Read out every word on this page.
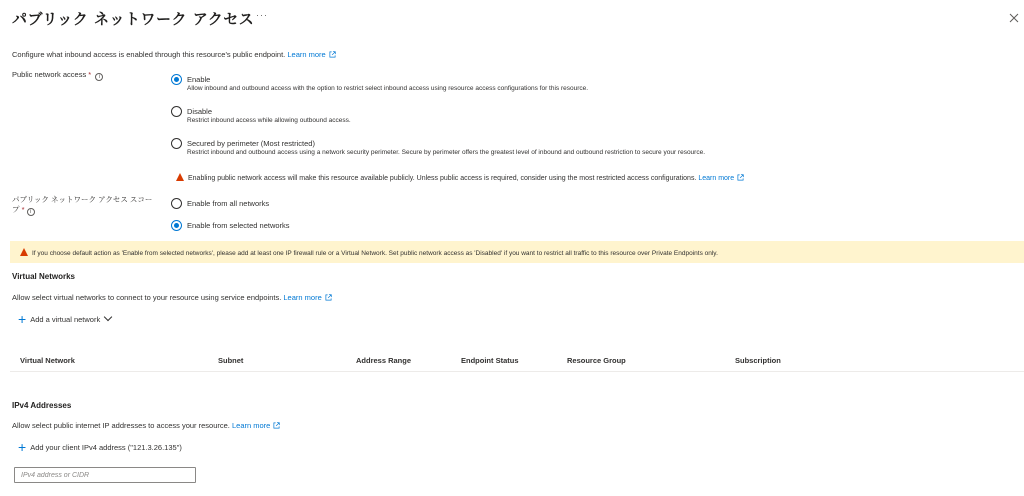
パブリック ネットワーク アクセス ···
Configure what inbound access is enabled through this resource's public endpoint. Learn more
Public network access * i	Enable
Allow inbound and outbound access with the option to restrict select inbound access using resource access configurations for this resource.
Disable
Restrict inbound access while allowing outbound access.
Secured by perimeter (Most restricted)
Restrict inbound and outbound access using a network security perimeter. Secure by perimeter offers the greatest level of inbound and outbound restriction to secure your resource.
Enabling public network access will make this resource available publicly. Unless public access is required, consider using the most restricted access configurations. Learn more
パブリック ネットワーク アクセス スコー
プ * i
Enable from all networks
Enable from selected networks
If you choose default action as 'Enable from selected networks', please add at least one IP firewall rule or a Virtual Network. Set public network access as 'Disabled' if you want to restrict all traffic to this resource over Private Endpoints only.
Virtual Networks
Allow select virtual networks to connect to your resource using service endpoints. Learn more
+ Add a virtual network
Virtual Network	Subnet	Address Range	Endpoint Status	Resource Group	Subscription
IPv4 Addresses
Allow select public internet IP addresses to access your resource. Learn more
+ Add your client IPv4 address ("121.3.26.135")
IPv4 address or CIDR
